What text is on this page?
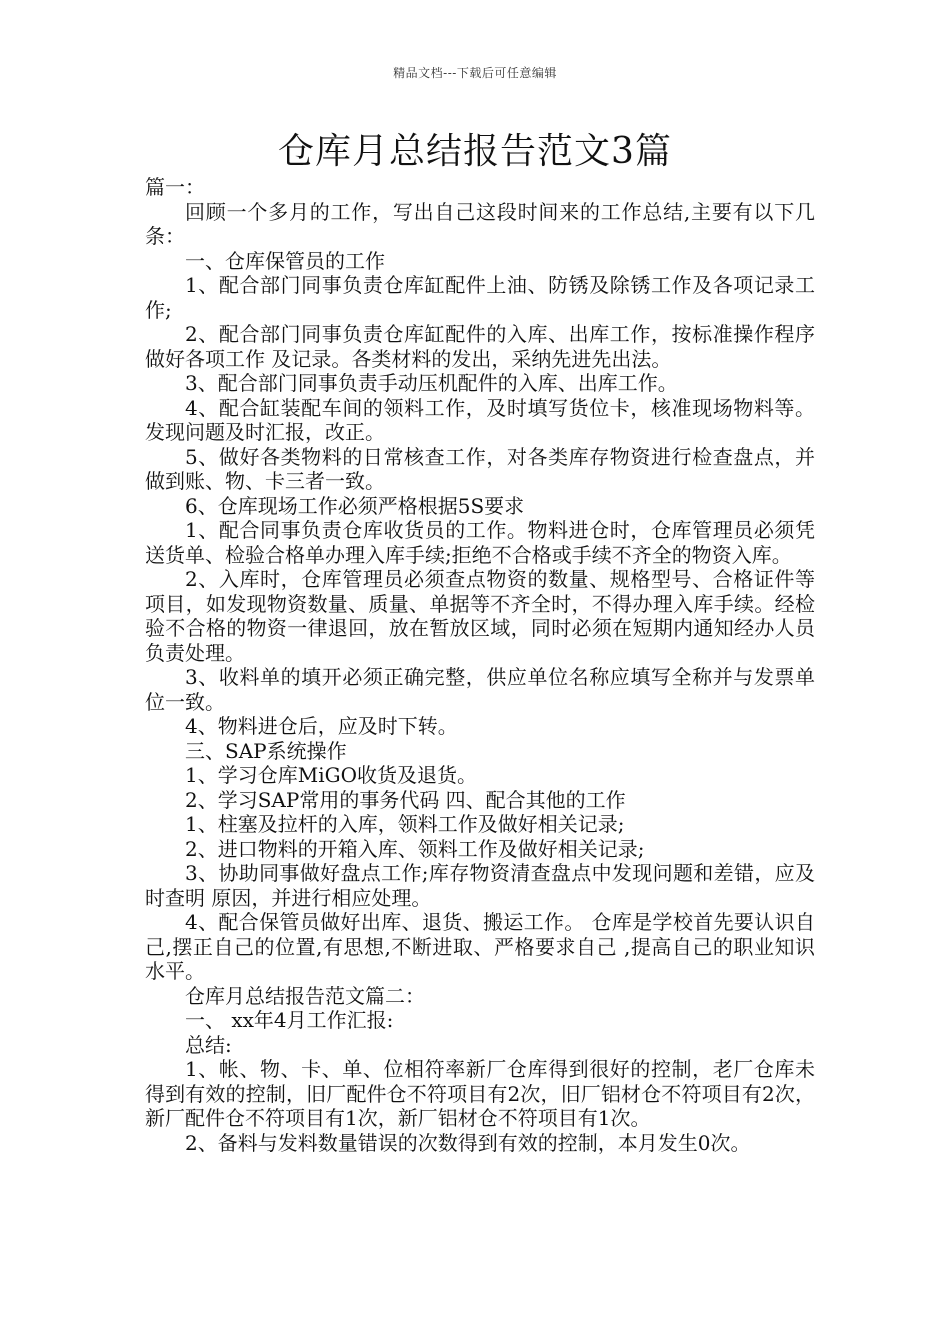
精品文档---下载后可任意编辑
仓库月总结报告范文3篇

篇一：

回顾一个多月的工作，写出自己这段时间来的工作总结,主要有以下几条：

一、仓库保管员的工作

1、配合部门同事负责仓库缸配件上油、防锈及除锈工作及各项记录工作;

2、配合部门同事负责仓库缸配件的入库、出库工作，按标准操作程序做好各项工作 及记录。各类材料的发出，采纳先进先出法。

3、配合部门同事负责手动压机配件的入库、出库工作。

4、配合缸装配车间的领料工作，及时填写货位卡，核准现场物料等。发现问题及时汇报，改正。

5、做好各类物料的日常核查工作，对各类库存物资进行检查盘点，并做到账、物、卡三者一致。

6、仓库现场工作必须严格根据5S要求

1、配合同事负责仓库收货员的工作。物料进仓时，仓库管理员必须凭送货单、检验合格单办理入库手续;拒绝不合格或手续不齐全的物资入库。

2、入库时，仓库管理员必须查点物资的数量、规格型号、合格证件等项目，如发现物资数量、质量、单据等不齐全时，不得办理入库手续。经检验不合格的物资一律退回，放在暂放区域，同时必须在短期内通知经办人员负责处理。

3、收料单的填开必须正确完整，供应单位名称应填写全称并与发票单位一致。

4、物料进仓后，应及时下转。

三、SAP系统操作

1、学习仓库MiGO收货及退货。

2、学习SAP常用的事务代码 四、配合其他的工作

1、柱塞及拉杆的入库，领料工作及做好相关记录;

2、进口物料的开箱入库、领料工作及做好相关记录;

3、协助同事做好盘点工作;库存物资清查盘点中发现问题和差错，应及时查明 原因，并进行相应处理。

4、配合保管员做好出库、退货、搬运工作。 仓库是学校首先要认识自己,摆正自己的位置,有思想,不断进取、严格要求自己 ,提高自己的职业知识水平。

仓库月总结报告范文篇二：

一、 xx年4月工作汇报:

总结:

1、帐、物、卡、单、位相符率新厂仓库得到很好的控制，老厂仓库未得到有效的控制，旧厂配件仓不符项目有2次，旧厂铝材仓不符项目有2次，新厂配件仓不符项目有1次，新厂铝材仓不符项目有1次。

2、备料与发料数量错误的次数得到有效的控制，本月发生0次。
